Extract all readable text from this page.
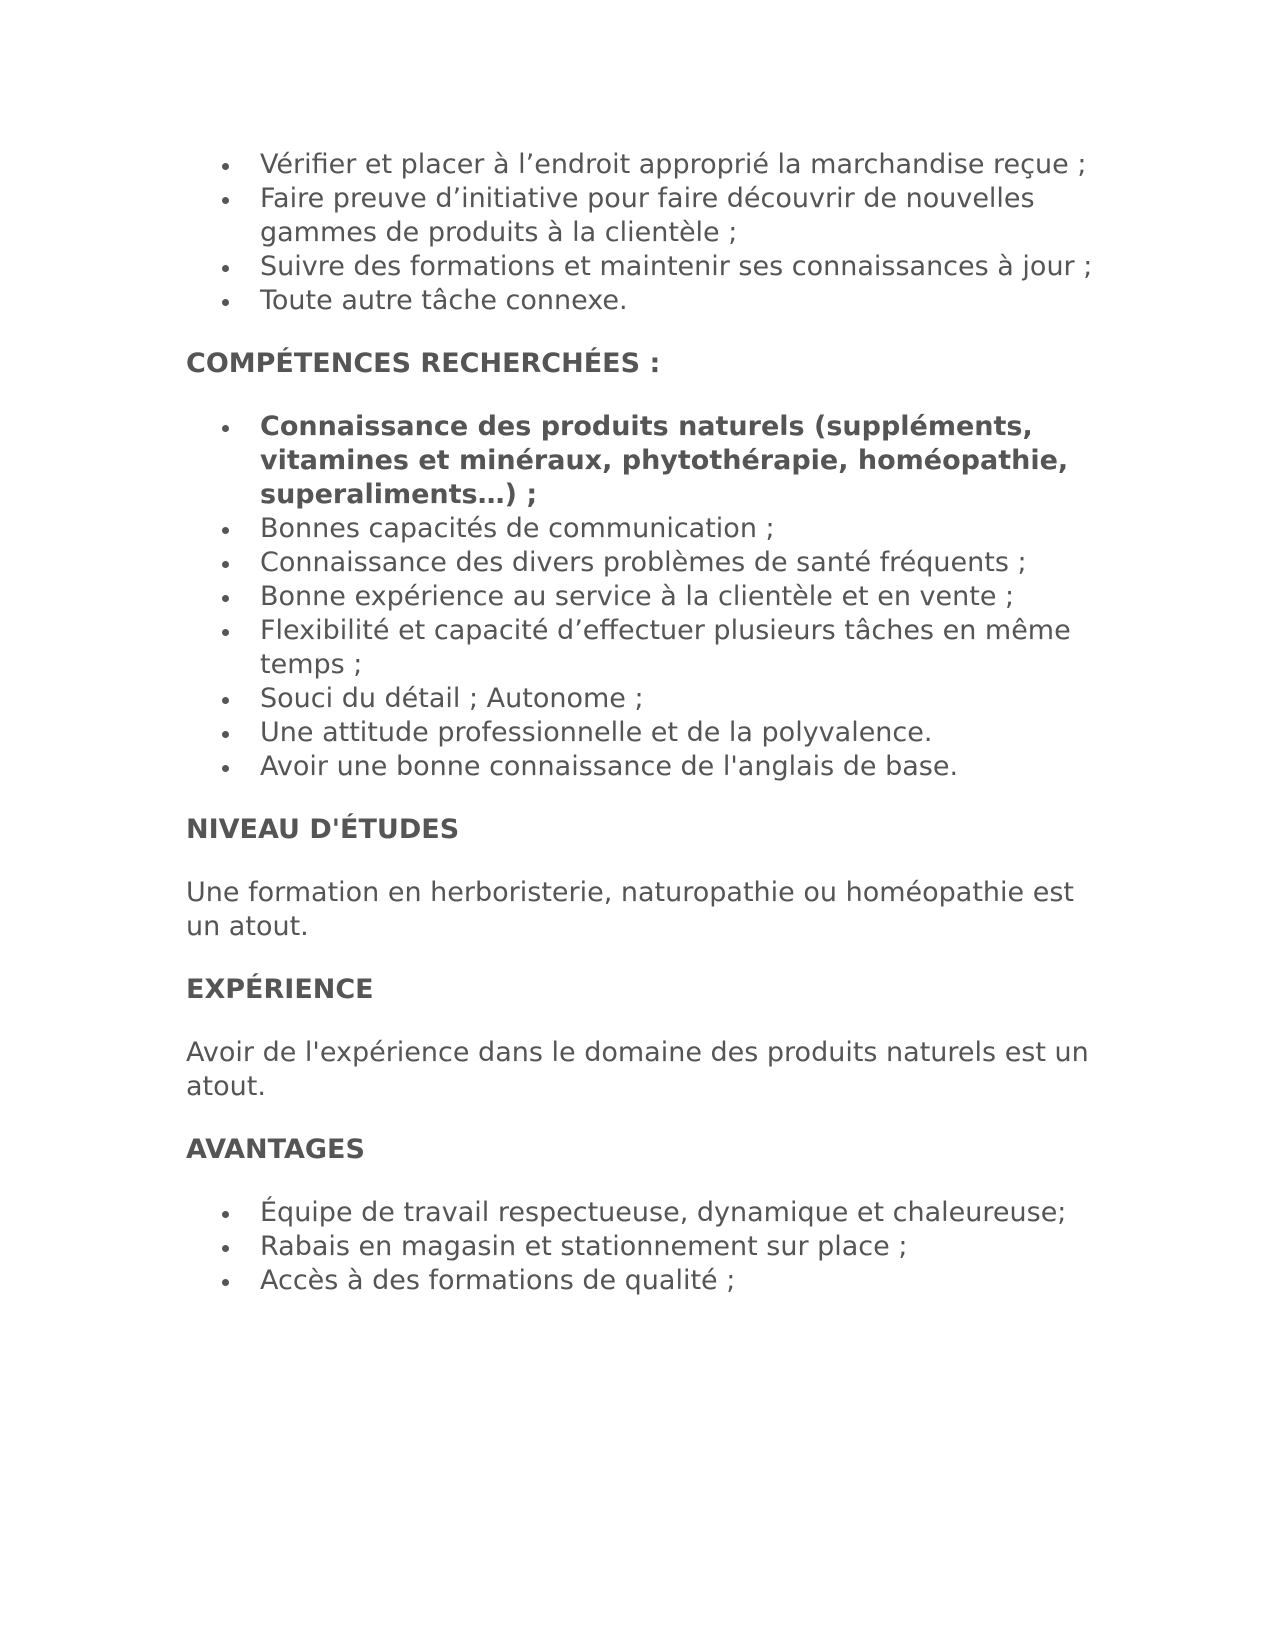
Vérifier et placer à l’endroit approprié la marchandise reçue ;
Faire preuve d’initiative pour faire découvrir de nouvelles gammes de produits à la clientèle ;
Suivre des formations et maintenir ses connaissances à jour ;
Toute autre tâche connexe.
COMPÉTENCES RECHERCHÉES :
Connaissance des produits naturels (suppléments, vitamines et minéraux, phytothérapie, homéopathie, superaliments…) ;
Bonnes capacités de communication ;
Connaissance des divers problèmes de santé fréquents ;
Bonne expérience au service à la clientèle et en vente ;
Flexibilité et capacité d’effectuer plusieurs tâches en même temps ;
Souci du détail ; Autonome ;
Une attitude professionnelle et de la polyvalence.
Avoir une bonne connaissance de l'anglais de base.
NIVEAU D'ÉTUDES

Une formation en herboristerie, naturopathie ou homéopathie est un atout.

EXPÉRIENCE

Avoir de l'expérience dans le domaine des produits naturels est un atout.

AVANTAGES
Équipe de travail respectueuse, dynamique et chaleureuse;
Rabais en magasin et stationnement sur place ;
Accès à des formations de qualité ;
